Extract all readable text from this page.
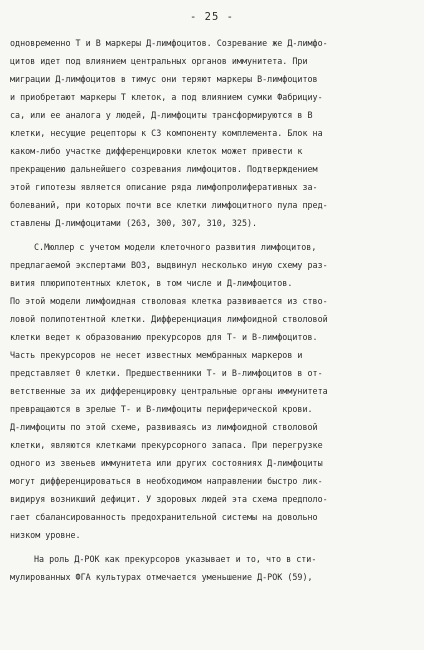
- 25 -
одновременно Т и В маркеры Д-лимфоцитов. Созревание же Д-лимфо-
цитов идет под влиянием центральных органов иммунитета. При
миграции Д-лимфоцитов в тимус они теряют маркеры В-лимфоцитов
и приобретают маркеры Т клеток, а под влиянием сумки Фабрициу-
са, или ее аналога у людей, Д-лимфоциты трансформируются в В
клетки, несущие рецепторы к С3 компоненту комплемента. Блок на
каком-либо участке дифференцировки клеток может привести к
прекращению дальнейшего созревания лимфоцитов. Подтверждением
этой гипотезы является описание ряда лимфопролиферативных за-
болеваний, при которых почти все клетки лимфоцитного пула пред-
ставлены Д-лимфоцитами (263, 300, 307, 310, 325).
С.Мюллер с учетом модели клеточного развития лимфоцитов,
предлагаемой экспертами ВОЗ, выдвинул несколько иную схему раз-
вития плюрипотентных клеток, в том числе и Д-лимфоцитов.
По этой модели лимфоидная стволовая клетка развивается из ство-
ловой полипотентной клетки. Дифференциация лимфоидной стволовой
клетки ведет к образованию прекурсоров для Т- и В-лимфоцитов.
Часть прекурсоров не несет известных мембранных маркеров и
представляет 0 клетки. Предшественники Т- и В-лимфоцитов в от-
ветственные за их дифференцировку центральные органы иммунитета
превращаются в зрелые Т- и В-лимфоциты периферической крови.
Д-лимфоциты по этой схеме, развиваясь из лимфоидной стволовой
клетки, являются клетками прекурсорного запаса. При перегрузке
одного из звеньев иммунитета или других состояниях Д-лимфоциты
могут дифференцироваться в необходимом направлении быстро лик-
видируя возникший дефицит. У здоровых людей эта схема предполо-
гает сбалансированность предохранительной системы на довольно
низком уровне.
На роль Д-РОК как прекурсоров указывает и то, что в сти-
мулированных ФГА культурах отмечается уменьшение Д-РОК (59),
